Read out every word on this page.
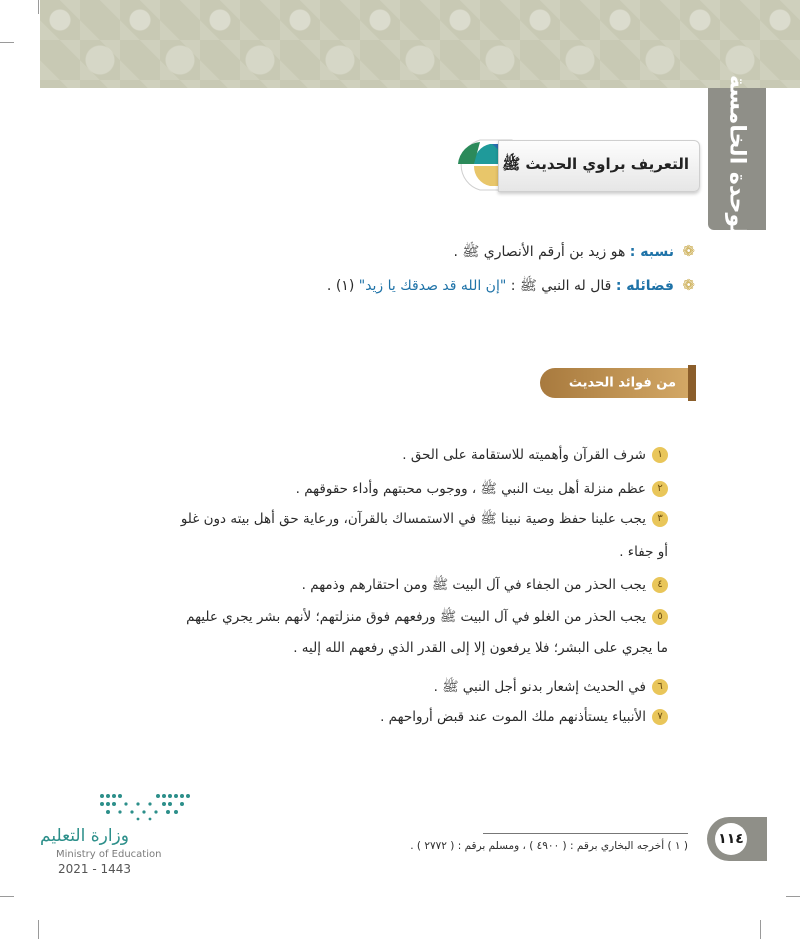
الوحدة الخامسة
التعريف براوي الحديث ﷺ
❁ نسبه : هو زيد بن أرقم الأنصاري ﷺ .
❁ فضائله : قال له النبي ﷺ : "إن الله قد صدقك يا زيد" (١) .
من فوائد الحديث
١شرف القرآن وأهميته للاستقامة على الحق .
٢عظم منزلة أهل بيت النبي ﷺ ، ووجوب محبتهم وأداء حقوقهم .
٣يجب علينا حفظ وصية نبينا ﷺ في الاستمساك بالقرآن، ورعاية حق أهل بيته دون غلو
أو جفاء .
٤يجب الحذر من الجفاء في آل البيت ﷺ ومن احتقارهم وذمهم .
٥يجب الحذر من الغلو في آل البيت ﷺ ورفعهم فوق منزلتهم؛ لأنهم بشر يجري عليهم
ما يجري على البشر؛ فلا يرفعون إلا إلى القدر الذي رفعهم الله إليه .
٦في الحديث إشعار بدنو أجل النبي ﷺ .
٧الأنبياء يستأذنهم ملك الموت عند قبض أرواحهم .
وزارة التعليم
Ministry of Education
2021 - 1443
( ١ ) أخرجه البخاري برقم : ( ٤٩٠٠ ) ، ومسلم برقم : ( ٢٧٧٢ ) . ١١٤
